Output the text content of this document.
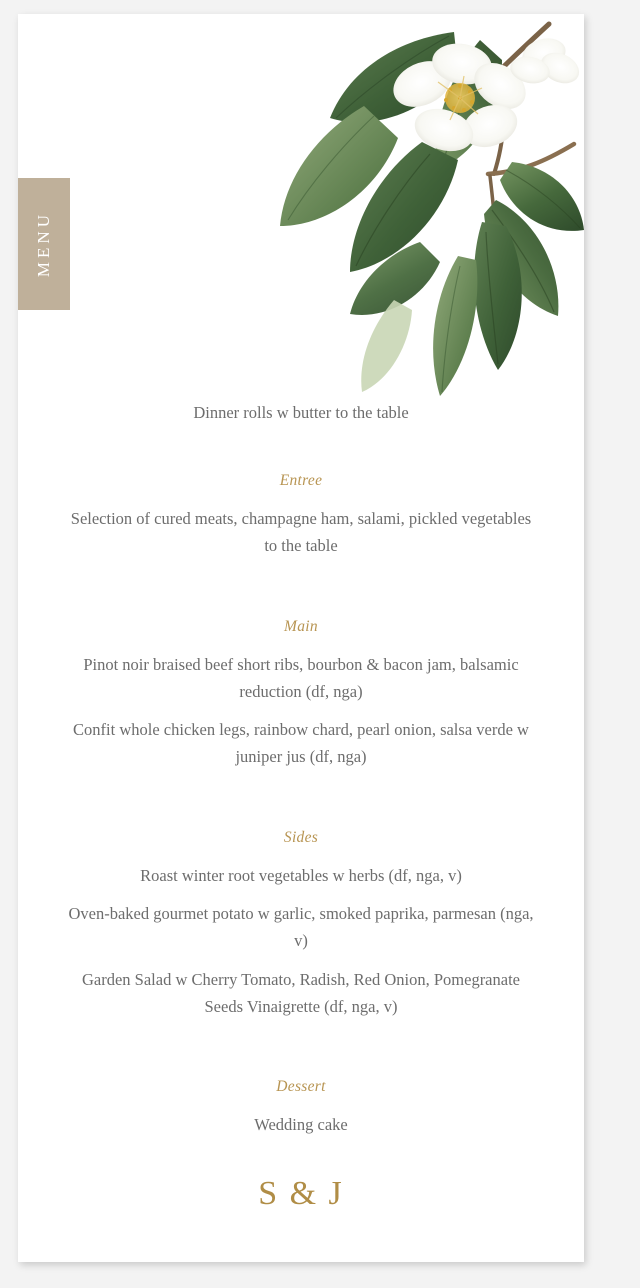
MENU

Dinner rolls w butter to the table

Entree

Selection of cured meats, champagne ham, salami, pickled vegetables to the table

Main

Pinot noir braised beef short ribs, bourbon & bacon jam, balsamic reduction (df, nga)

Confit whole chicken legs, rainbow chard, pearl onion, salsa verde w juniper jus (df, nga)

Sides

Roast winter root vegetables w herbs (df, nga, v)

Oven-baked gourmet potato w garlic, smoked paprika, parmesan (nga, v)

Garden Salad w Cherry Tomato, Radish, Red Onion, Pomegranate Seeds Vinaigrette (df, nga, v)

Dessert

Wedding cake

S & J
